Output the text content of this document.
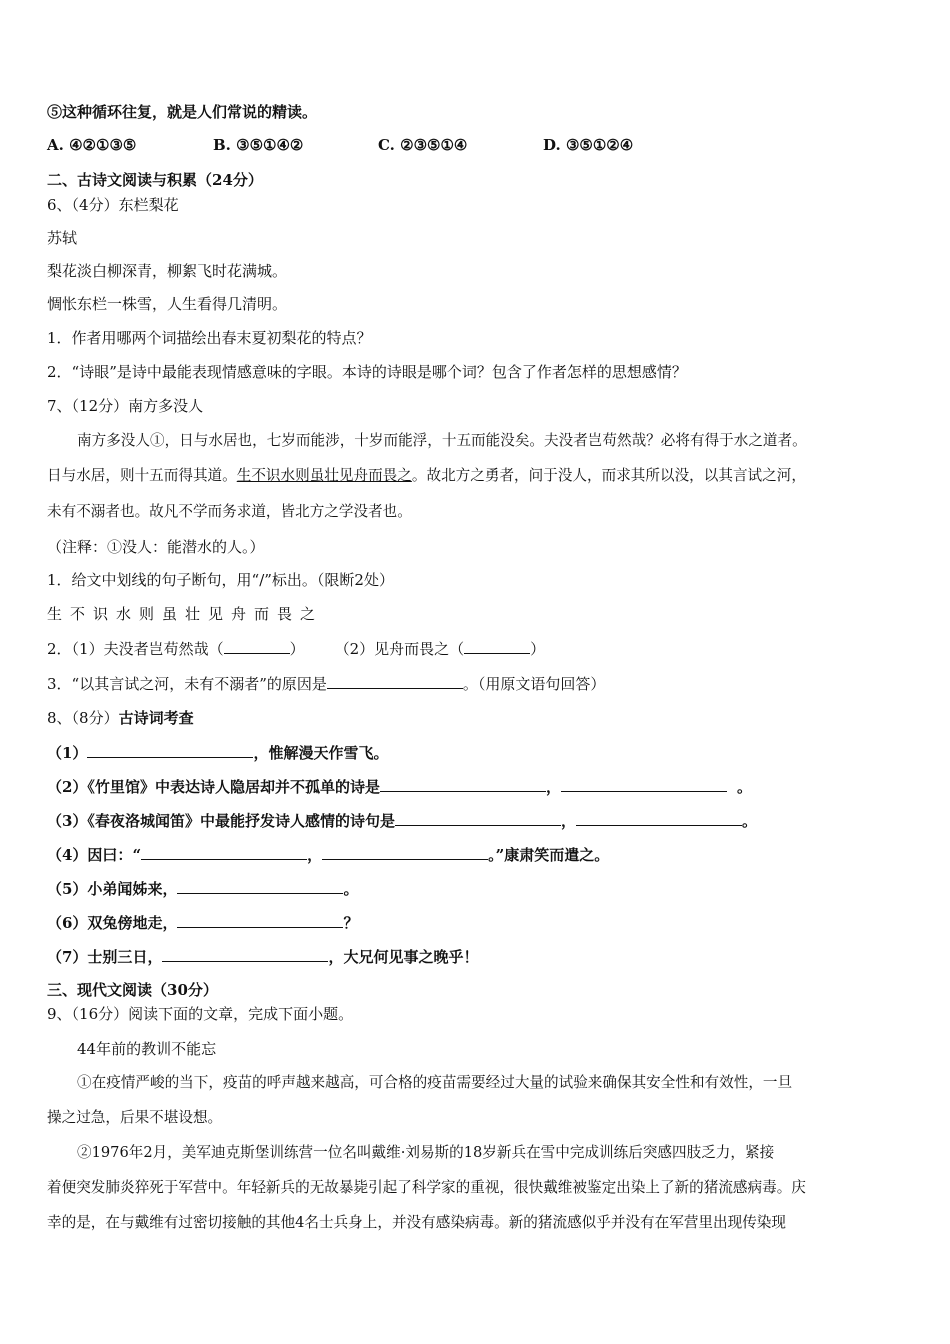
⑤这种循环往复，就是人们常说的精读。
A. ④②①③⑤	B. ③⑤①④②	C. ②③⑤①④	D. ③⑤①②④
二、古诗文阅读与积累（24分）
6、（4分）东栏梨花
苏轼
梨花淡白柳深青，柳絮飞时花满城。
惆怅东栏一株雪，人生看得几清明。
1．作者用哪两个词描绘出春末夏初梨花的特点？
2．“诗眼”是诗中最能表现情感意味的字眼。本诗的诗眼是哪个词？包含了作者怎样的思想感情？
7、（12分）南方多没人
南方多没人①，日与水居也，七岁而能涉，十岁而能浮，十五而能没矣。夫没者岂苟然哉？必将有得于水之道者。
日与水居，则十五而得其道。生不识水则虽壮见舟而畏之。故北方之勇者，问于没人，而求其所以没，以其言试之河，
未有不溺者也。故凡不学而务求道，皆北方之学没者也。
（注释：①没人：能潜水的人。）
1．给文中划线的句子断句，用“/”标出。（限断2处）
生不识水则虽壮见舟而畏之
2．（1）夫没者岂苟然哉（	） （2）见舟而畏之（	）
3．“以其言试之河，未有不溺者”的原因是	。（用原文语句回答）
8、（8分）古诗词考查
（1）	，惟解漫天作雪飞。
（2）《竹里馆》中表达诗人隐居却并不孤单的诗是	，	。
（3）《春夜洛城闻笛》中最能抒发诗人感情的诗句是	，	。
（4）因曰：“	，	。”康肃笑而遣之。
（5）小弟闻姊来，	。
（6）双兔傍地走，	？
（7）士别三日，	，大兄何见事之晚乎！
三、现代文阅读（30分）
9、（16分）阅读下面的文章，完成下面小题。
44年前的教训不能忘
①在疫情严峻的当下，疫苗的呼声越来越高，可合格的疫苗需要经过大量的试验来确保其安全性和有效性，一旦
操之过急，后果不堪设想。
②1976年2月，美军迪克斯堡训练营一位名叫戴维·刘易斯的18岁新兵在雪中完成训练后突感四肢乏力，紧接
着便突发肺炎猝死于军营中。年轻新兵的无故暴毙引起了科学家的重视，很快戴维被鉴定出染上了新的猪流感病毒。庆
幸的是，在与戴维有过密切接触的其他4名士兵身上，并没有感染病毒。新的猪流感似乎并没有在军营里出现传染现
